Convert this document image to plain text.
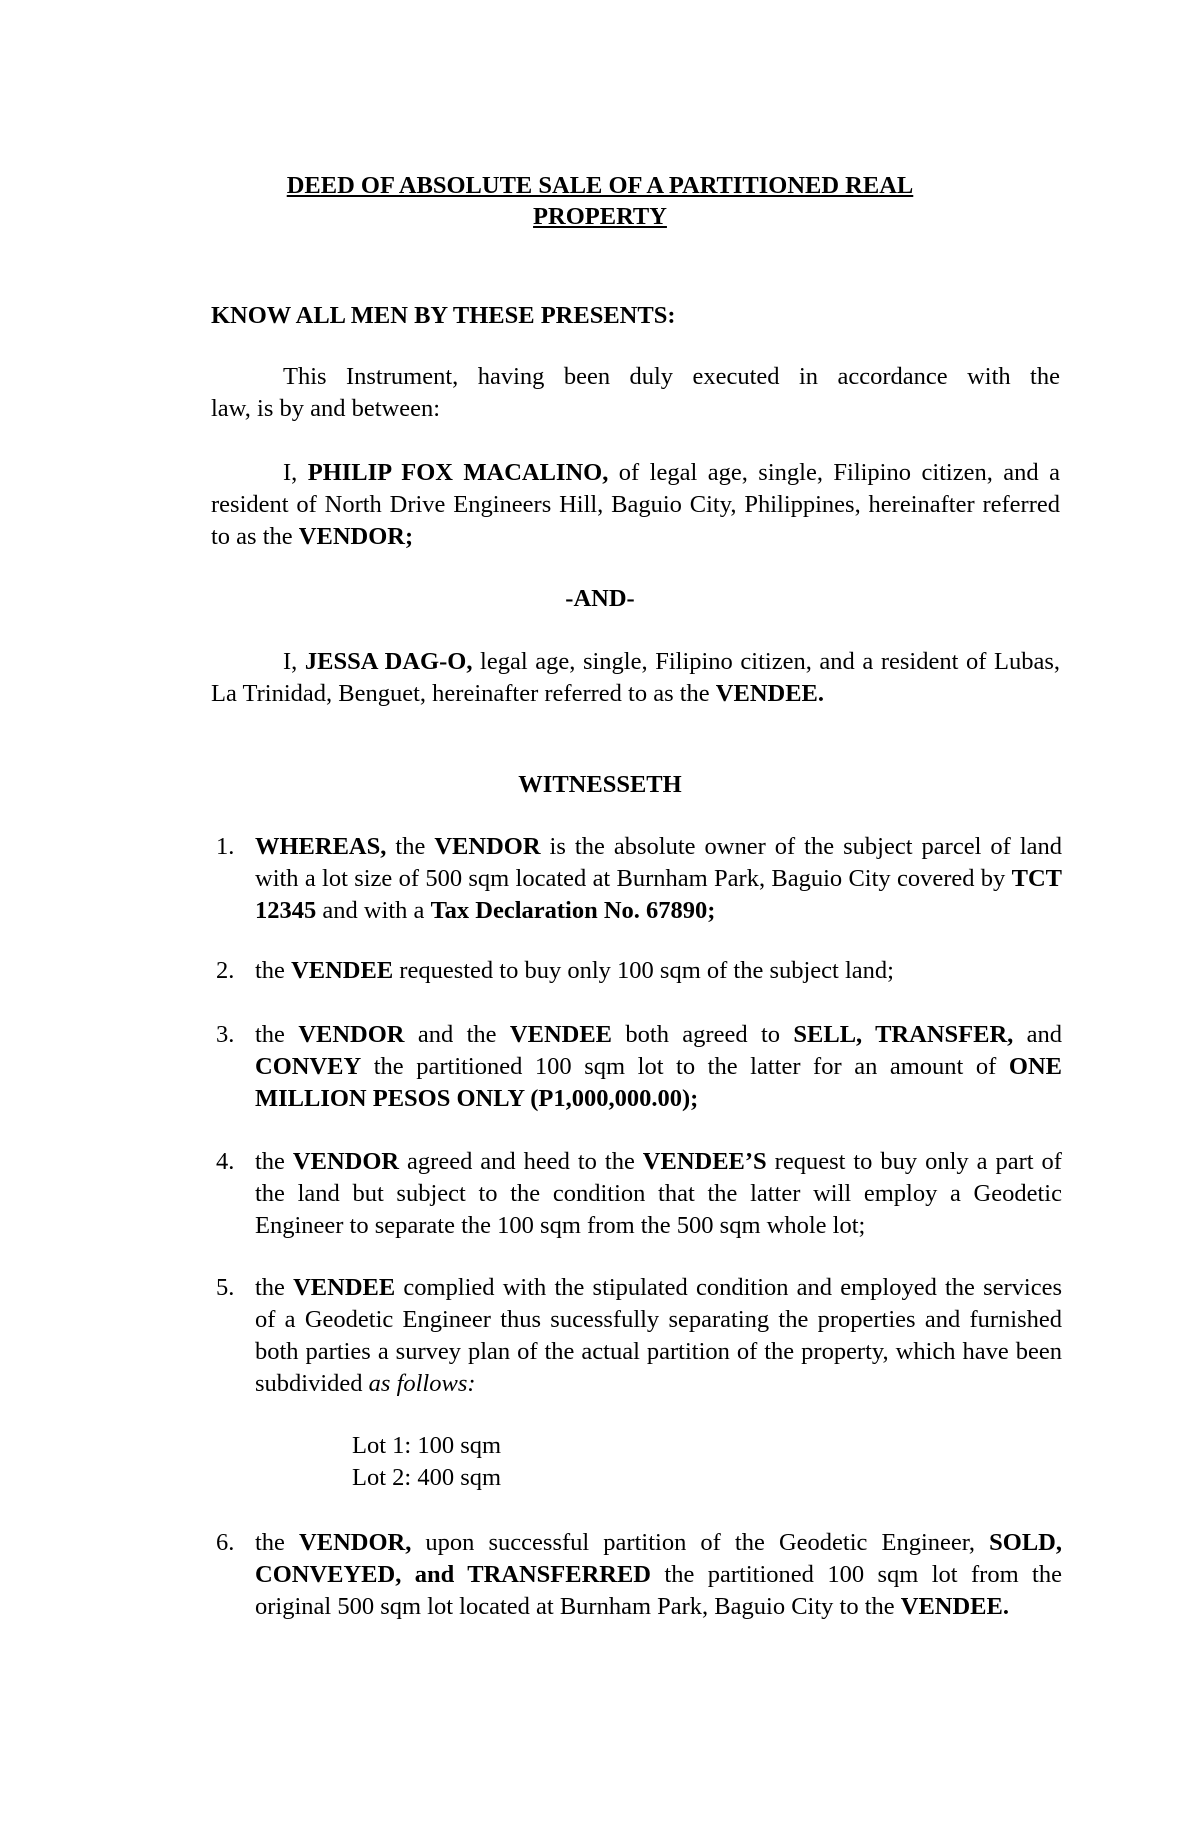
DEED OF ABSOLUTE SALE OF A PARTITIONED REAL
PROPERTY
KNOW ALL MEN BY THESE PRESENTS:
This Instrument, having been duly executed in accordance with the
law, is by and between:
I, PHILIP FOX MACALINO, of legal age, single, Filipino citizen, and a resident of North Drive Engineers Hill, Baguio City, Philippines, hereinafter referred to as the VENDOR;
-AND-
I, JESSA DAG-O, legal age, single, Filipino citizen, and a resident of Lubas, La Trinidad, Benguet, hereinafter referred to as the VENDEE.
WITNESSETH
1. WHEREAS, the VENDOR is the absolute owner of the subject parcel of land with a lot size of 500 sqm located at Burnham Park, Baguio City covered by TCT 12345 and with a Tax Declaration No. 67890;
2. the VENDEE requested to buy only 100 sqm of the subject land;
3. the VENDOR and the VENDEE both agreed to SELL, TRANSFER, and CONVEY the partitioned 100 sqm lot to the latter for an amount of ONE MILLION PESOS ONLY (P1,000,000.00);
4. the VENDOR agreed and heed to the VENDEE’S request to buy only a part of the land but subject to the condition that the latter will employ a Geodetic Engineer to separate the 100 sqm from the 500 sqm whole lot;
5. the VENDEE complied with the stipulated condition and employed the services of a Geodetic Engineer thus sucessfully separating the properties and furnished both parties a survey plan of the actual partition of the property, which have been subdivided as follows:
Lot 1: 100 sqm
Lot 2: 400 sqm
6. the VENDOR, upon successful partition of the Geodetic Engineer, SOLD, CONVEYED, and TRANSFERRED the partitioned 100 sqm lot from the original 500 sqm lot located at Burnham Park, Baguio City to the VENDEE.
